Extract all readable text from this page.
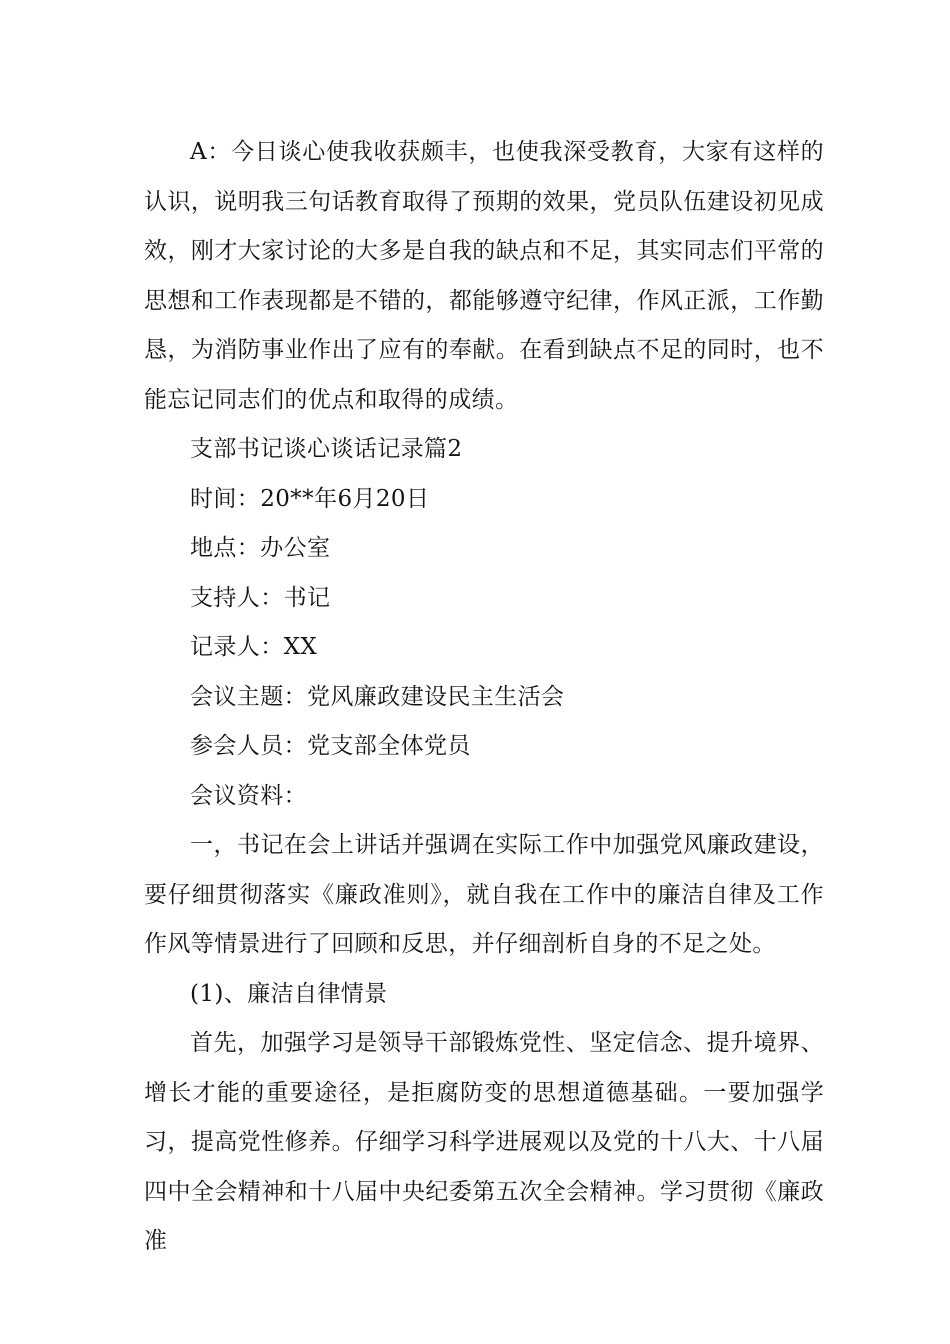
A：今日谈心使我收获颇丰，也使我深受教育，大家有这样的认识，说明我三句话教育取得了预期的效果，党员队伍建设初见成效，刚才大家讨论的大多是自我的缺点和不足，其实同志们平常的思想和工作表现都是不错的，都能够遵守纪律，作风正派，工作勤恳，为消防事业作出了应有的奉献。在看到缺点不足的同时，也不能忘记同志们的优点和取得的成绩。

支部书记谈心谈话记录篇2

时间：20**年6月20日

地点：办公室

支持人：书记

记录人：XX

会议主题：党风廉政建设民主生活会

参会人员：党支部全体党员

会议资料：

一，书记在会上讲话并强调在实际工作中加强党风廉政建设，要仔细贯彻落实《廉政准则》，就自我在工作中的廉洁自律及工作作风等情景进行了回顾和反思，并仔细剖析自身的不足之处。

(1)、廉洁自律情景

首先，加强学习是领导干部锻炼党性、坚定信念、提升境界、增长才能的重要途径，是拒腐防变的思想道德基础。一要加强学习，提高党性修养。仔细学习科学进展观以及党的十八大、十八届四中全会精神和十八届中央纪委第五次全会精神。学习贯彻《廉政准
